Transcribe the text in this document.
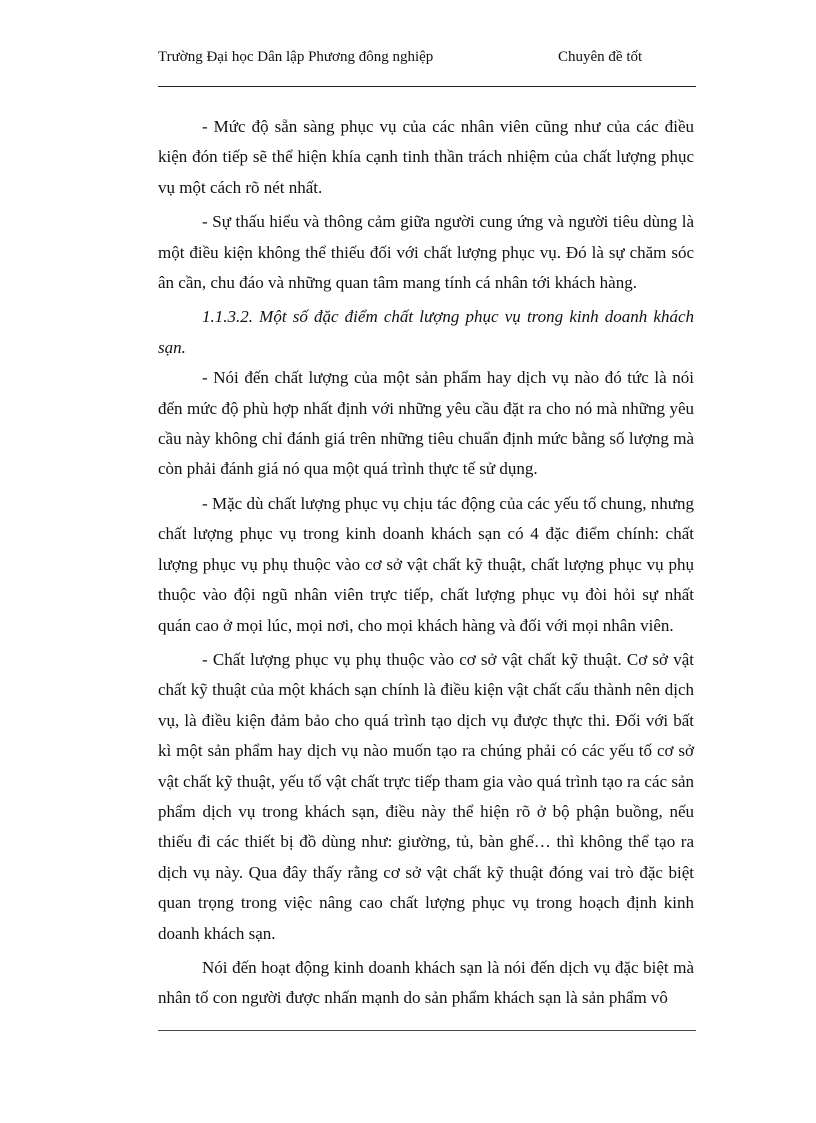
Trường Đại học Dân lập Phương đông nghiệp	Chuyên đề tốt

- Mức độ sẵn sàng phục vụ của các nhân viên cũng như của các điều kiện đón tiếp sẽ thể hiện khía cạnh tinh thần trách nhiệm của chất lượng phục vụ một cách rõ nét nhất.

- Sự thấu hiểu và thông cảm giữa người cung ứng và người tiêu dùng là một điều kiện không thể thiếu đối với chất lượng phục vụ. Đó là sự chăm sóc ân cần, chu đáo và những quan tâm mang tính cá nhân tới khách hàng.

1.1.3.2. Một số đặc điểm chất lượng phục vụ trong kinh doanh khách sạn.

- Nói đến chất lượng của một sản phẩm hay dịch vụ nào đó tức là nói đến mức độ phù hợp nhất định với những yêu cầu đặt ra cho nó mà những yêu cầu này không chỉ đánh giá trên những tiêu chuẩn định mức bằng số lượng mà còn phải đánh giá nó qua một quá trình thực tế sử dụng.

- Mặc dù chất lượng phục vụ chịu tác động của các yếu tố chung, nhưng chất lượng phục vụ trong kinh doanh khách sạn có 4 đặc điểm chính: chất lượng phục vụ phụ thuộc vào cơ sở vật chất kỹ thuật, chất lượng phục vụ phụ thuộc vào đội ngũ nhân viên trực tiếp, chất lượng phục vụ đòi hỏi sự nhất quán cao ở mọi lúc, mọi nơi, cho mọi khách hàng và đối với mọi nhân viên.

- Chất lượng phục vụ phụ thuộc vào cơ sở vật chất kỹ thuật. Cơ sở vật chất kỹ thuật của một khách sạn chính là điều kiện vật chất cấu thành nên dịch vụ, là điều kiện đảm bảo cho quá trình tạo dịch vụ được thực thi. Đối với bất kì một sản phẩm hay dịch vụ nào muốn tạo ra chúng phải có các yếu tố cơ sở vật chất kỹ thuật, yếu tố vật chất trực tiếp tham gia vào quá trình tạo ra các sản phẩm dịch vụ trong khách sạn, điều này thể hiện rõ ở bộ phận buồng, nếu thiếu đi các thiết bị đồ dùng như: giường, tủ, bàn ghế… thì không thể tạo ra dịch vụ này. Qua đây thấy rằng cơ sở vật chất kỹ thuật đóng vai trò đặc biệt quan trọng trong việc nâng cao chất lượng phục vụ trong hoạch định kinh doanh khách sạn.

Nói đến hoạt động kinh doanh khách sạn là nói đến dịch vụ đặc biệt mà nhân tố con người được nhấn mạnh do sản phẩm khách sạn là sản phẩm vô
